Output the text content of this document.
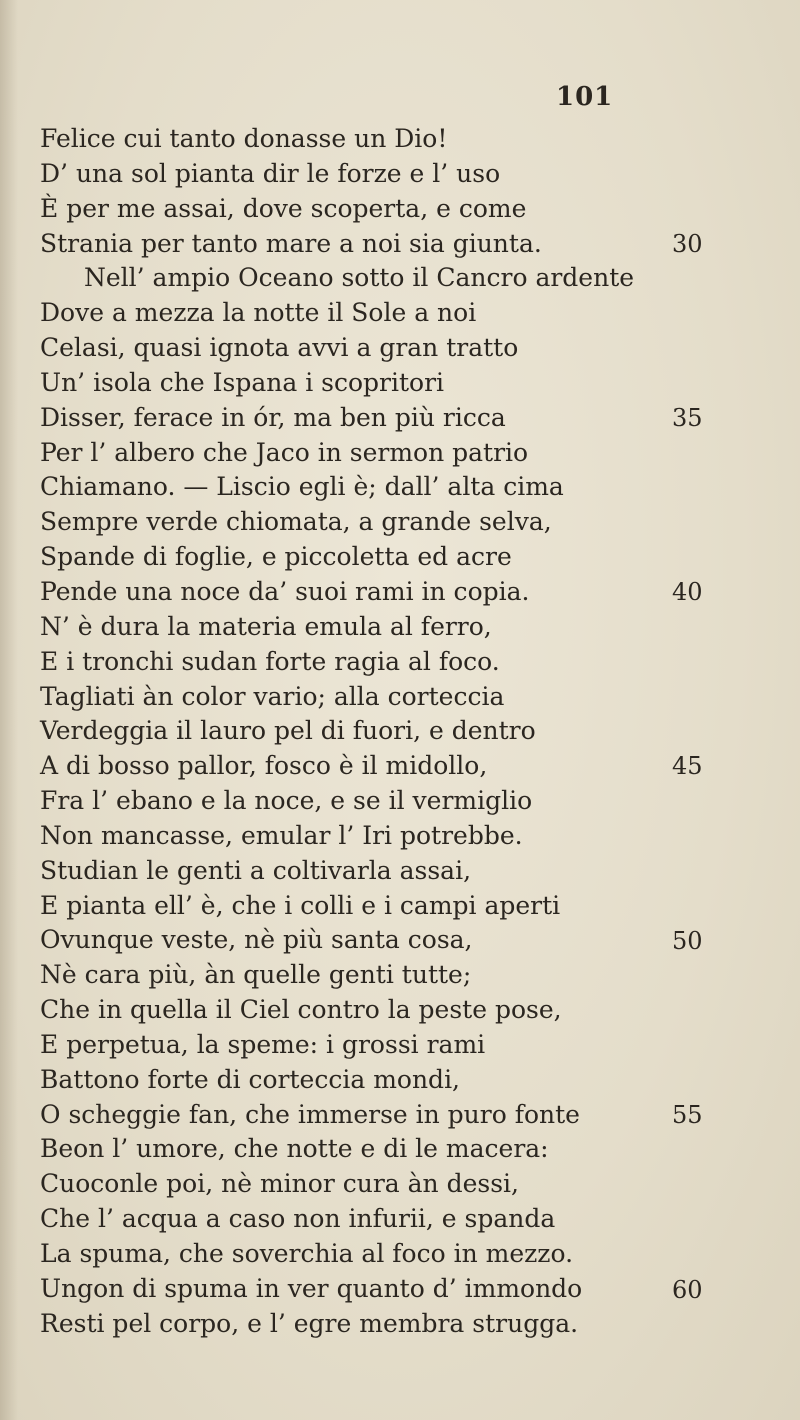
101
Felice cui tanto donasse un Dio!
D’ una sol pianta dir le forze e l’ uso
È per me assai, dove scoperta, e come
Strania per tanto mare a noi sia giunta.
Nell’ ampio Oceano sotto il Cancro ardente
Dove a mezza la notte il Sole a noi
Celasi, quasi ignota avvi a gran tratto
Un’ isola che Ispana i scopritori
Disser, ferace in ór, ma ben più ricca
Per l’ albero che Jaco in sermon patrio
Chiamano. — Liscio egli è; dall’ alta cima
Sempre verde chiomata, a grande selva,
Spande di foglie, e piccoletta ed acre
Pende una noce da’ suoi rami in copia.
N’ è dura la materia emula al ferro,
E i tronchi sudan forte ragia al foco.
Tagliati àn color vario; alla corteccia
Verdeggia il lauro pel di fuori, e dentro
A di bosso pallor, fosco è il midollo,
Fra l’ ebano e la noce, e se il vermiglio
Non mancasse, emular l’ Iri potrebbe.
Studian le genti a coltivarla assai,
E pianta ell’ è, che i colli e i campi aperti
Ovunque veste, nè più santa cosa,
Nè cara più, àn quelle genti tutte;
Che in quella il Ciel contro la peste pose,
E perpetua, la speme: i grossi rami
Battono forte di corteccia mondi,
O scheggie fan, che immerse in puro fonte
Beon l’ umore, che notte e di le macera:
Cuoconle poi, nè minor cura àn dessi,
Che l’ acqua a caso non infurii, e spanda
La spuma, che soverchia al foco in mezzo.
Ungon di spuma in ver quanto d’ immondo
Resti pel corpo, e l’ egre membra strugga.
30
35
40
45
50
55
60
